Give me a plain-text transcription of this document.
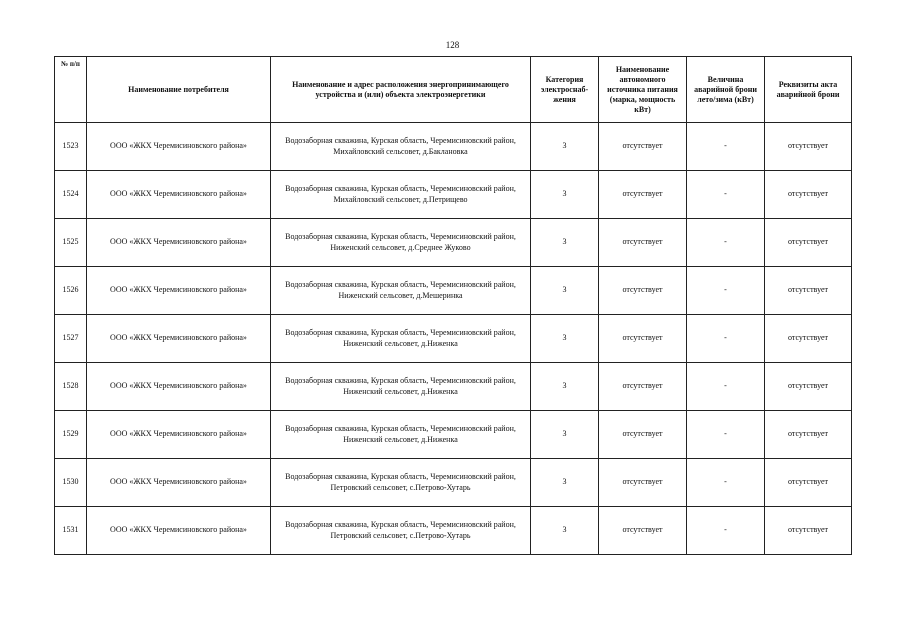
128
№ п/п	Наименование потребителя	Наименование и адрес расположения энергопринимающего устройства и (или) объекта электроэнергетики	Категория электроснаб-жения	Наименование автономного источника питания (марка, мощность кВт)	Величина аварийной брони лето/зима (кВт)	Реквизиты акта аварийной брони
1523	ООО «ЖКХ Черемисиновского района»	Водозаборная скважина, Курская область, Черемисиновский район, Михайловский сельсовет, д.Баклановка	3	отсутствует	-	отсутствует
1524	ООО «ЖКХ Черемисиновского района»	Водозаборная скважина, Курская область, Черемисиновский район, Михайловский сельсовет, д.Петрищево	3	отсутствует	-	отсутствует
1525	ООО «ЖКХ Черемисиновского района»	Водозаборная скважина, Курская область, Черемисиновский район, Ниженский сельсовет, д.Среднее Жуково	3	отсутствует	-	отсутствует
1526	ООО «ЖКХ Черемисиновского района»	Водозаборная скважина, Курская область, Черемисиновский район, Ниженский сельсовет, д.Мешеринка	3	отсутствует	-	отсутствует
1527	ООО «ЖКХ Черемисиновского района»	Водозаборная скважина, Курская область, Черемисиновский район, Ниженский сельсовет, д.Ниженка	3	отсутствует	-	отсутствует
1528	ООО «ЖКХ Черемисиновского района»	Водозаборная скважина, Курская область, Черемисиновский район, Ниженский сельсовет, д.Ниженка	3	отсутствует	-	отсутствует
1529	ООО «ЖКХ Черемисиновского района»	Водозаборная скважина, Курская область, Черемисиновский район, Ниженский сельсовет, д.Ниженка	3	отсутствует	-	отсутствует
1530	ООО «ЖКХ Черемисиновского района»	Водозаборная скважина, Курская область, Черемисиновский район, Петровский сельсовет, с.Петрово-Хутарь	3	отсутствует	-	отсутствует
1531	ООО «ЖКХ Черемисиновского района»	Водозаборная скважина, Курская область, Черемисиновский район, Петровский сельсовет, с.Петрово-Хутарь	3	отсутствует	-	отсутствует
